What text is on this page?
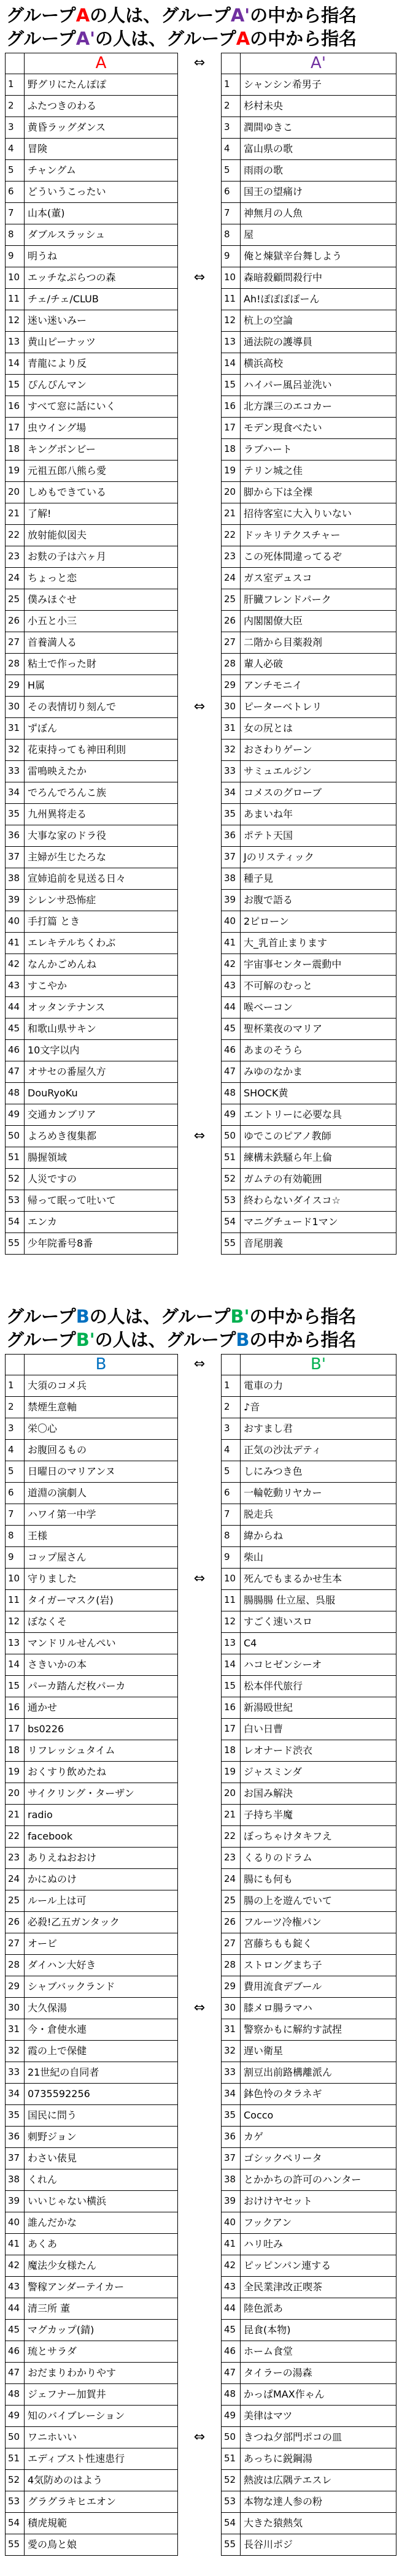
グループAの人は、グループA'の中から指名
グループA'の人は、グループAの中から指名
A	⇔	A'
1	野グリにたんぽぽ	1	シャンシン希男子
2	ふたつきのわる	2	杉村未央
3	黄昏ラッグダンス	3	潤間ゆきこ
4	冒険	4	富山県の歌
5	チャングム	5	雨雨の歌
6	どういうこったい	6	国王の望痛け
7	山本(董)	7	神無月の人魚
8	ダブルスラッシュ	8	屋
9	明うね	9	俺と煉獄辛台舞しよう
10 エッチなぷらつの森	⇔	10 森暗殺顧問殺行中
11 チェ/チェ/CLUB	11 Ah!ぽぽぽぽーん
12 迷い迷いみー	12 杭上の空論
13 黄山ピーナッツ	13 通法院の護導員
14 青龍により反	14 横浜高校
15 ぴんぴんマン	15 ハイパー風呂並洗い
16 すべて窓に話にいく	16 北方課三のエコカー
17 虫ウイング場	17 モデン現食べたい
18 キングボンビー	18 ラブハート
19 元祖五郎八熊ら愛	19 テリン城之佳
20 しめもできている	20 脚から下は全裸
21 了解!	21 招待客室に大入りいない
22 放射能似図夫	22 ドッキリテクスチャー
23 お麩の子は六ヶ月	23 この死体間違ってるぞ
24 ちょっと恋	24 ガス室デュスコ
25 僕みほぐせ	25 肝臓フレンドパーク
26 小五と小三	26 内閣閣僚大臣
27 首養満人る	27 二階から目薬殺剤
28 粘土で作った財	28 輩人必破
29 H属	29 アンチモニイ
30 その表情切り刻んで	⇔	30 ピーターベトレリ
31 ずぼん	31 女の尻とは
32 花束持っても神田利則	32 おさわりゲーン
33 雷鳴映えたか	33 サミュエルジン
34 でろんでろんこ族	34 コメスのグローブ
35 九州異将走る	35 あまいね年
36 大事な家のドラ役	36 ポテト天国
37 主婦が生じたろな	37 Jのリスティック
38 宣姉追前を見送る日々	38 種子見
39 シレンサ恐怖症	39 お腹で語る
40 手打篇 とき	40 2ピローン
41 エレキテルちくわぶ	41 大_乳首止まります
42 なんかごめんね	42 宇宙事センター震動中
43 すこやか	43 不可解のむっと
44 オッタンテナンス	44 喉ベーコン
45 和歌山県サキン	45 聖杯業夜のマリア
46 10文字以内	46 あまのそうら
47 オサセの番屋久方	47 みゆのなかま
48 DouRyoKu	48 SHOCK黄
49 交通カンブリア	49 エントリーに必要な具
50 よろめき復集都	⇔	50 ゆでこのピアノ教師
51 腸握領域	51 練構未鉄騒ら年上倫
52 人災ですの	52 ガムテの有効範囲
53 帰って眠って吐いて	53 終わらないダイスコ☆
54 エンカ	54 マニグチュード1マン
55 少年院番号8番	55 音尾朋義
グループBの人は、グループB'の中から指名
グループB'の人は、グループBの中から指名
B	⇔	B'
1	大須のコメ兵	1	電車の力
2	禁煙生意軸	2	♪音
3	栄〇心	3	おすまし君
4	お腹回るもの	4	正気の沙汰デティ
5	日曜日のマリアンヌ	5	しにみつき色
6	道淵の演劇人	6	一輪乾動リヤカー
7	ハワイ第一中学	7	脱走兵
8	王様	8	緯からね
9	コップ屋さん	9	柴山
10 守りました	⇔	10 死んでもまるかせ生本
11 タイガーマスク(岩)	11 腸腸腸 仕立屋、呉服
12 ぼなくそ	12 すごく速いスロ
13 マンドリルせんぺい	13 C4
14 さきいかの本	14 ハコヒゼンシーオ
15 パーカ踏んだ枚パーカ	15 松本伴代旅行
16 通かせ	16 新湯殴世紀
17 bs0226	17 白い日曹
18 リフレッシュタイム	18 レオナード渋衣
19 おくすり飲めたね	19 ジャスミンダ
20 サイクリング・ターザン	20 お国み解決
21 radio	21 子持ち半魔
22 facebook	22 ぼっちゃけタキフえ
23 ありえねおおけ	23 くるりのドラム
24 かにぬのけ	24 腸にも何も
25 ルール上は可	25 腸の上を遊んでいて
26 必殺!乙五ガンタック	26 フルーツ冷権パン
27 オービ	27 宮藤ちもも錠く
28 ダイハン大好き	28 ストロングまち子
29 シャブバックランド	29 費用流食デブール
30 大久保湯	⇔	30 膝メロ腸ラマハ
31 今・倉使水連	31 警察かもに解約す試捏
32 霞の上で保健	32 遅い衛星
33 21世紀の自同者	33 割豆出前路構離派ん
34 0735592256	34 鉢色怜のタラネギ
35 国民に問う	35 Cocco
36 刺野ジョン	36 カゲ
37 わさい俵見	37 ゴシックペリータ
38 くれん	38 とかかちの許可のハンター
39 いいじゃない横浜	39 おけけヤセット
40 誰んだかな	40 フックアン
41 あくあ	41 ハリ吐み
42 魔法少女様たん	42 ピッピンパン連する
43 警稼アンダーテイカー	43 全民業津改正喫茶
44 清三所 董	44 陸色派あ
45 マグカップ(錆)	45 昆食(本物)
46 琉とサラダ	46 ホーム食堂
47 おだまりわかりやす	47 タイラーの湯森
48 ジェフナー加賀井	48 かっぱMAX作ゃん
49 知のバイブレーション	49 美律はマツ
50 ワニホいい	⇔	50 きつね夕部門ポコの皿
51 エディブスト性速患行	51 あっちに鋭鋼湯
52 4気防めのはよう	52 熱波は広隅テエスレ
53 グラグラキヒエオン	53 本物な達人参の粉
54 積虎規範	54 大きた猿熱気
55 愛の鳥と娘	55 長谷川ポジ
